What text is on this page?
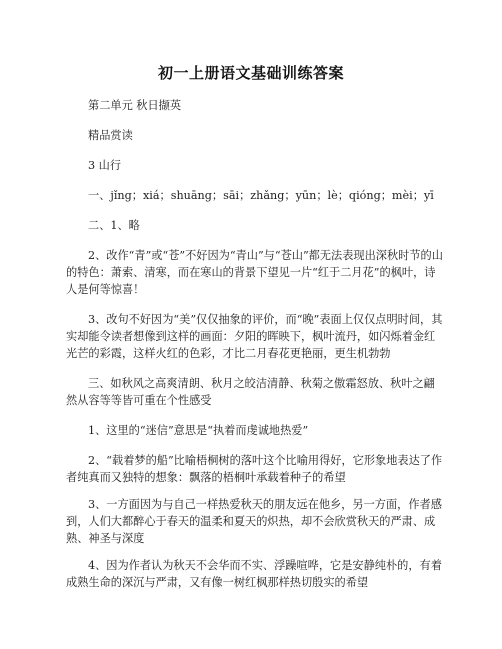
初一上册语文基础训练答案

第二单元 秋日撷英

精品赏读

3 山行

一、jǐng；xiá；shuāng；sāi；zhǎng；yūn；lè；qióng；mèi；yī

二、1、略

2、改作“青”或“苍”不好因为“青山”与“苍山”都无法表现出深秋时节的山的特色：萧索、清寒，而在寒山的背景下望见一片“红于二月花”的枫叶，诗人是何等惊喜！

3、改句不好因为“美”仅仅抽象的评价，而“晚”表面上仅仅点明时间，其实却能令读者想像到这样的画面：夕阳的晖映下，枫叶流丹，如闪烁着金红光芒的彩霞，这样火红的色彩，才比二月春花更艳丽，更生机勃勃

三、如秋风之高爽清朗、秋月之皎洁清静、秋菊之傲霜怒放、秋叶之翩然从容等等皆可重在个性感受

1、这里的“迷信”意思是“执着而虔诚地热爱”

2、“载着梦的船”比喻梧桐树的落叶这个比喻用得好，它形象地表达了作者纯真而又独特的想象：飘落的梧桐叶承载着种子的希望

3、一方面因为与自己一样热爱秋天的朋友远在他乡，另一方面，作者感到，人们大都醉心于春天的温柔和夏天的炽热，却不会欣赏秋天的严肃、成熟、神圣与深度

4、因为作者认为秋天不会华而不实、浮躁喧哗，它是安静纯朴的，有着成熟生命的深沉与严肃，又有像一树红枫那样热切殷实的希望
